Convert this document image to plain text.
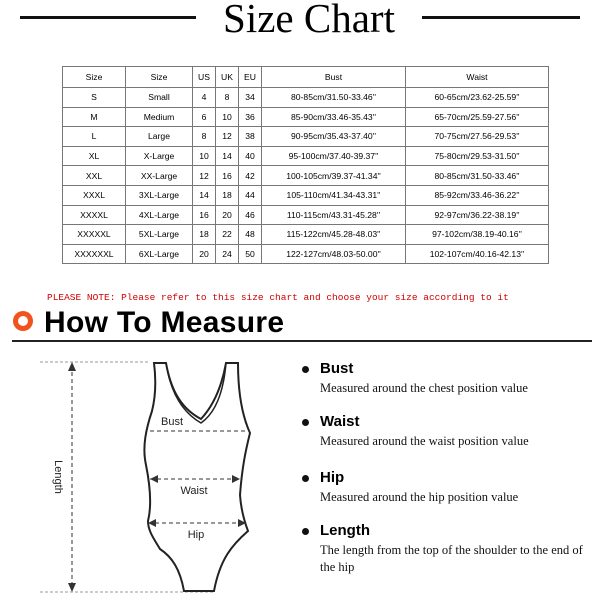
Size Chart
Size	Size	US	UK	EU	Bust	Waist
S	Small	4	8	34	80-85cm/31.50-33.46''	60-65cm/23.62-25.59''
M	Medium	6	10	36	85-90cm/33.46-35.43''	65-70cm/25.59-27.56''
L	Large	8	12	38	90-95cm/35.43-37.40''	70-75cm/27.56-29.53''
XL	X-Large	10	14	40	95-100cm/37.40-39.37''	75-80cm/29.53-31.50''
XXL	XX-Large	12	16	42	100-105cm/39.37-41.34''	80-85cm/31.50-33.46''
XXXL	3XL-Large	14	18	44	105-110cm/41.34-43.31''	85-92cm/33.46-36.22''
XXXXL	4XL-Large	16	20	46	110-115cm/43.31-45.28''	92-97cm/36.22-38.19''
XXXXXL	5XL-Large	18	22	48	115-122cm/45.28-48.03''	97-102cm/38.19-40.16''
XXXXXXL	6XL-Large	20	24	50	122-127cm/48.03-50.00''	102-107cm/40.16-42.13''
PLEASE NOTE: Please refer to this size chart and choose your size according to it
How To Measure
Bust
Waist
Hip
Length
Bust
Measured around the chest position value
Waist
Measured around the waist position value
Hip
Measured around the hip position value
Length
The length from the top of the shoulder to the end of the hip
